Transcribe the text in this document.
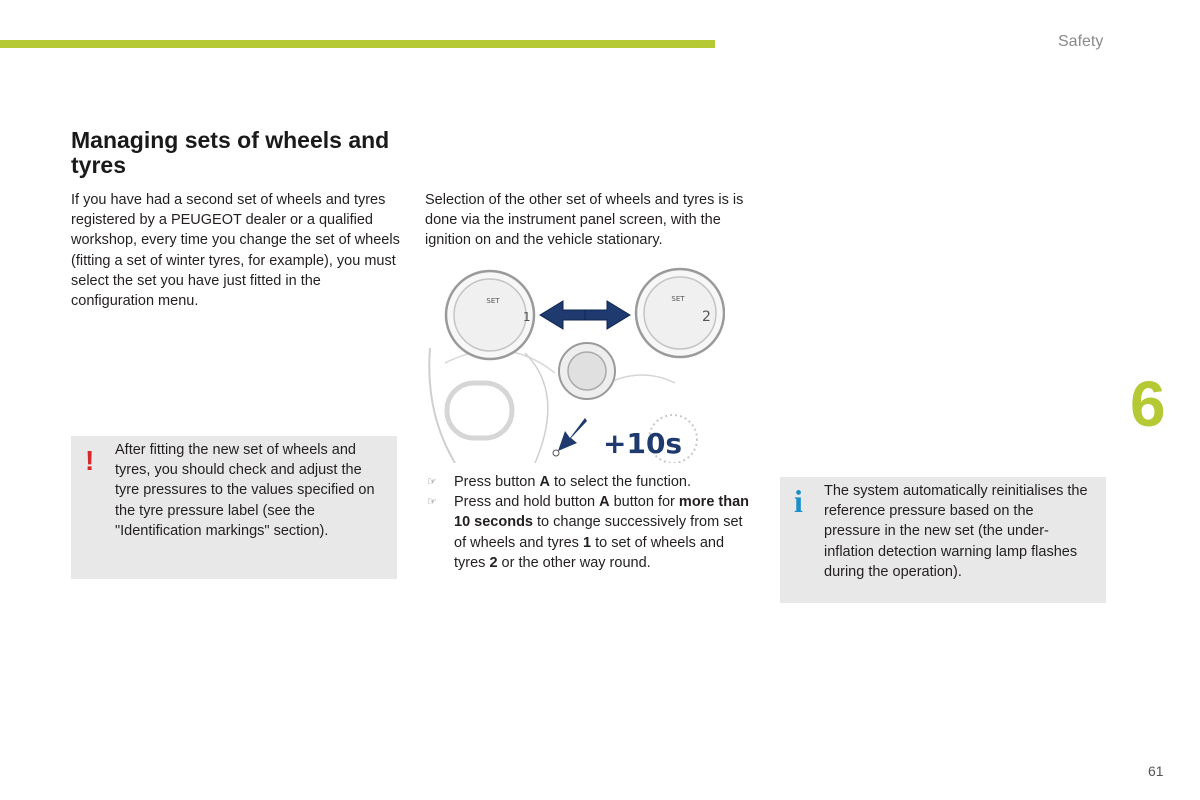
Safety
6
61
Managing sets of wheels and tyres

If you have had a second set of wheels and tyres registered by a PEUGEOT dealer or a qualified workshop, every time you change the set of wheels (fitting a set of winter tyres, for example), you must select the set you have just fitted in the configuration menu.

Selection of the other set of wheels and tyres is is done via the instrument panel screen, with the ignition on and the vehicle stationary.

! After fitting the new set of wheels and tyres, you should check and adjust the tyre pressures to the values specified on the tyre pressure label (see the "Identification markings" section).

SET
1
SET
2
+10s
☞ Press button A to select the function.
☞ Press and hold button A button for more than 10 seconds to change successively from set of wheels and tyres 1 to set of wheels and tyres 2 or the other way round.
i The system automatically reinitialises the reference pressure based on the pressure in the new set (the under-inflation detection warning lamp flashes during the operation).
